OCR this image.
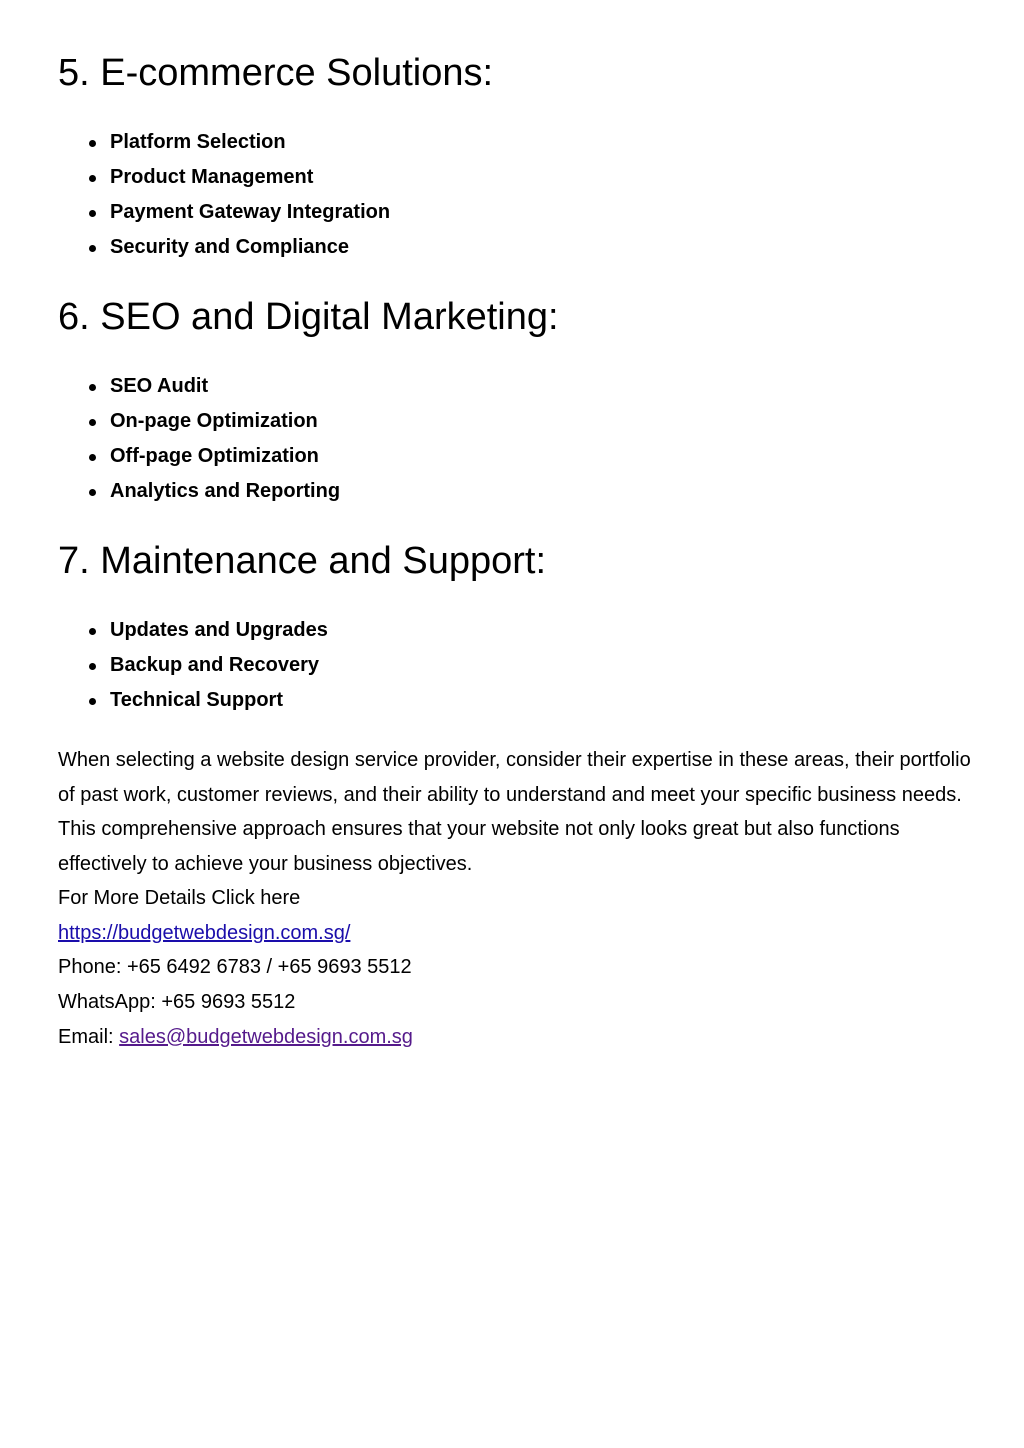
5. E-commerce Solutions:
Platform Selection
Product Management
Payment Gateway Integration
Security and Compliance
6. SEO and Digital Marketing:
SEO Audit
On-page Optimization
Off-page Optimization
Analytics and Reporting
7. Maintenance and Support:
Updates and Upgrades
Backup and Recovery
Technical Support

When selecting a website design service provider, consider their expertise in these areas, their portfolio of past work, customer reviews, and their ability to understand and meet your specific business needs. This comprehensive approach ensures that your website not only looks great but also functions effectively to achieve your business objectives.

For More Details Click here
https://budgetwebdesign.com.sg/
Phone: +65 6492 6783 / +65 9693 5512
WhatsApp: +65 9693 5512
Email: sales@budgetwebdesign.com.sg
